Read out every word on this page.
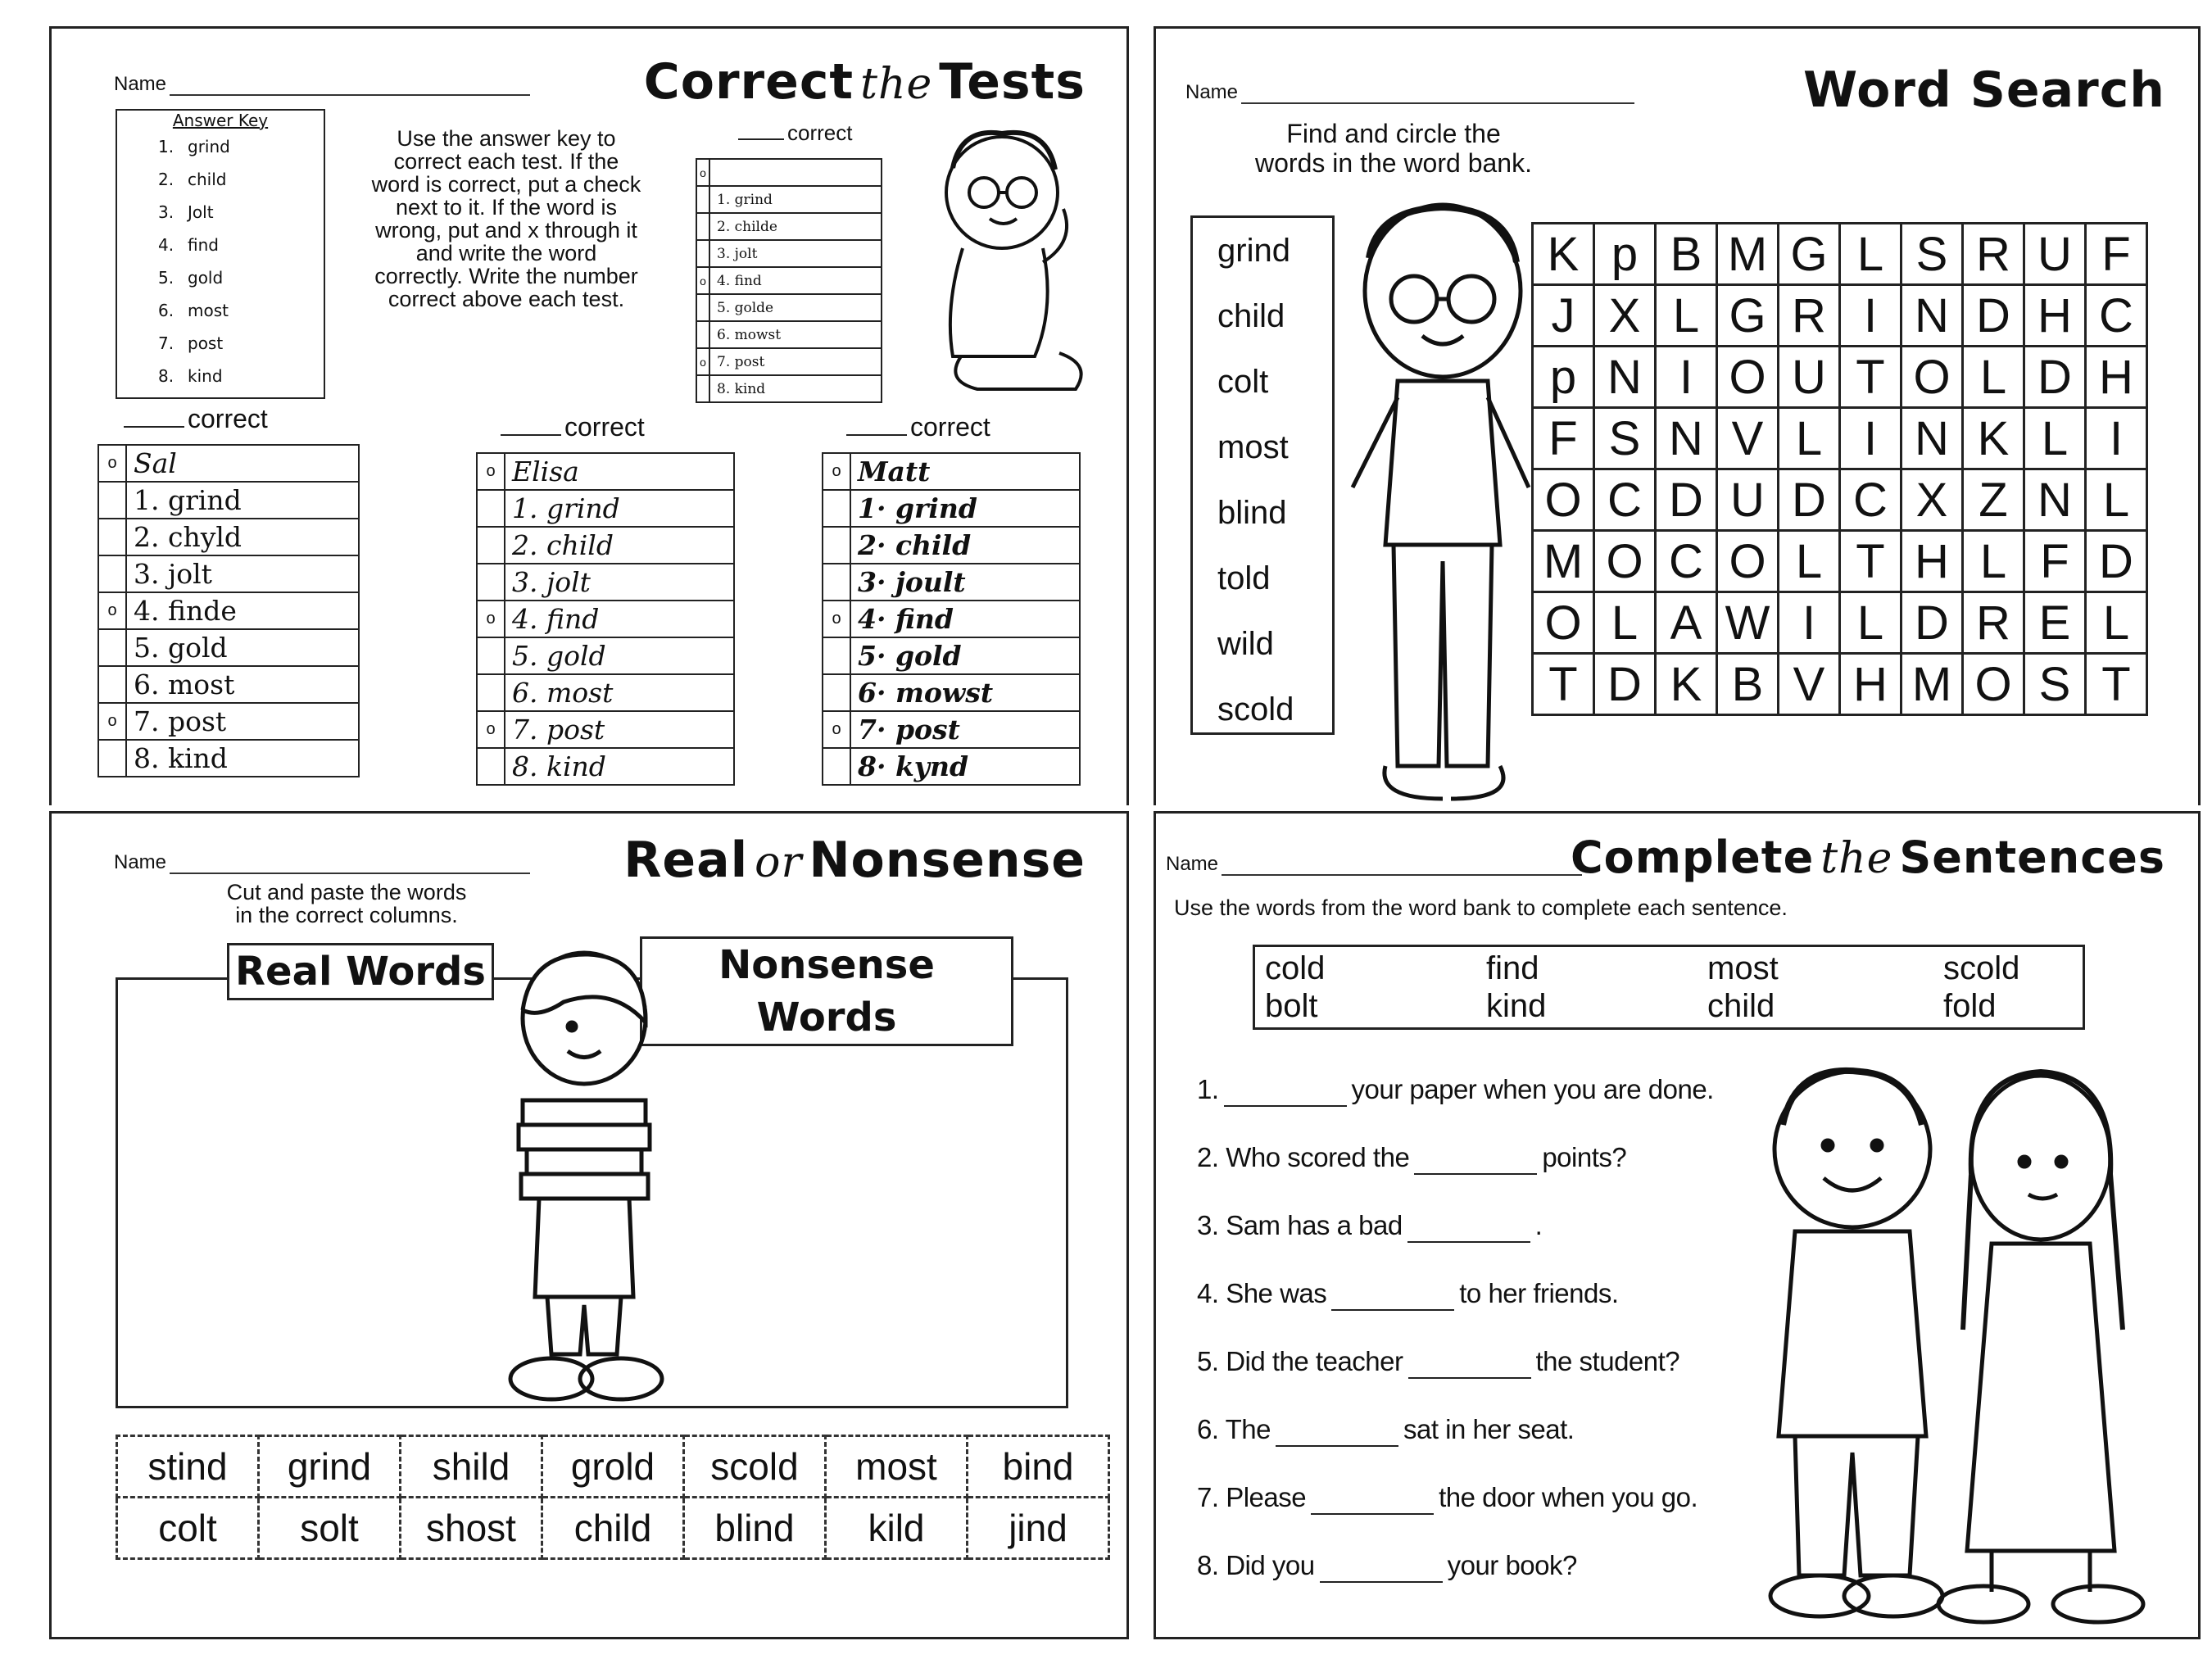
Name	Correct the Tests
Answer Key
1. grind
2. child
3. Jolt
4. find
5. gold
6. most
7. post
8. kind
Use the answer key to
correct each test. If the
word is correct, put a check
next to it. If the word is
wrong, put and x through it
and write the word
correctly. Write the number
correct above each test.
correct
o	
	1. grind
	2. childe
	3. jolt
o	4. find
	5. golde
	6. mowst
o	7. post
	8. kind
correct
o	Sal
	1. grind
	2. chyld
	3. jolt
o	4. finde
	5. gold
	6. most
o	7. post
	8. kind
correct
o	Elisa
	1. grind
	2. child
	3. jolt
o	4. find
	5. gold
	6. most
o	7. post
	8. kind
correct
o	Matt
	1· grind
	2· child
	3· joult
o	4· find
	5· gold
	6· mowst
o	7· post
	8· kynd
Name	Word Search
Find and circle the
words in the word bank.
grind
child
colt
most
blind
told
wild
scold
K	p	B	M	G	L	S	R	U	F
J	X	L	G	R	I	N	D	H	C
p	N	I	O	U	T	O	L	D	H
F	S	N	V	L	I	N	K	L	I
O	C	D	U	D	C	X	Z	N	L
M	O	C	O	L	T	H	L	F	D
O	L	A	W	I	L	D	R	E	L
T	D	K	B	V	H	M	O	S	T
Name	Real or Nonsense
Cut and paste the words
in the correct columns.
Real Words	Nonsense Words
stind	grind	shild	grold	scold	most	bind
colt	solt	shost	child	blind	kild	jind
Name	Complete the Sentences
Use the words from the word bank to complete each sentence.
cold	find	most	scold
bolt	kind	child	fold
1.	your paper when you are done.
2. Who scored the	points?
3. Sam has a bad	.
4. She was	to her friends.
5. Did the teacher	the student?
6. The	sat in her seat.
7. Please	the door when you go.
8. Did you	your book?
